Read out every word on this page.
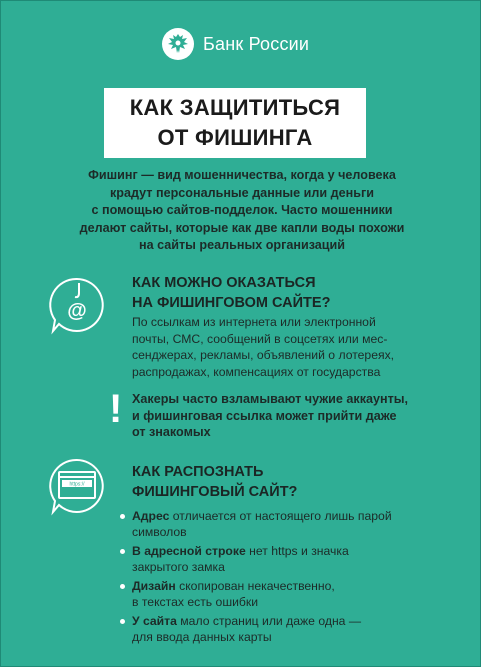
Банк России
КАК ЗАЩИТИТЬСЯ
ОТ ФИШИНГА
Фишинг — вид мошенничества, когда у человека
крадут персональные данные или деньги
с помощью сайтов-подделок. Часто мошенники
делают сайты, которые как две капли воды похожи
на сайты реальных организаций
@
КАК МОЖНО ОКАЗАТЬСЯ
НА ФИШИНГОВОМ САЙТЕ?
По ссылкам из интернета или электронной
почты, СМС, сообщений в соцсетях или мес-
сенджерах, рекламы, объявлений о лотереях,
распродажах, компенсациях от государства
! Хакеры часто взламывают чужие аккаунты,
и фишинговая ссылка может прийти даже
от знакомых
https://
КАК РАСПОЗНАТЬ
ФИШИНГОВЫЙ САЙТ?
Адрес отличается от настоящего лишь парой
символов
В адресной строке нет https и значка
закрытого замка
Дизайн скопирован некачественно,
в текстах есть ошибки
У сайта мало страниц или даже одна —
для ввода данных карты
